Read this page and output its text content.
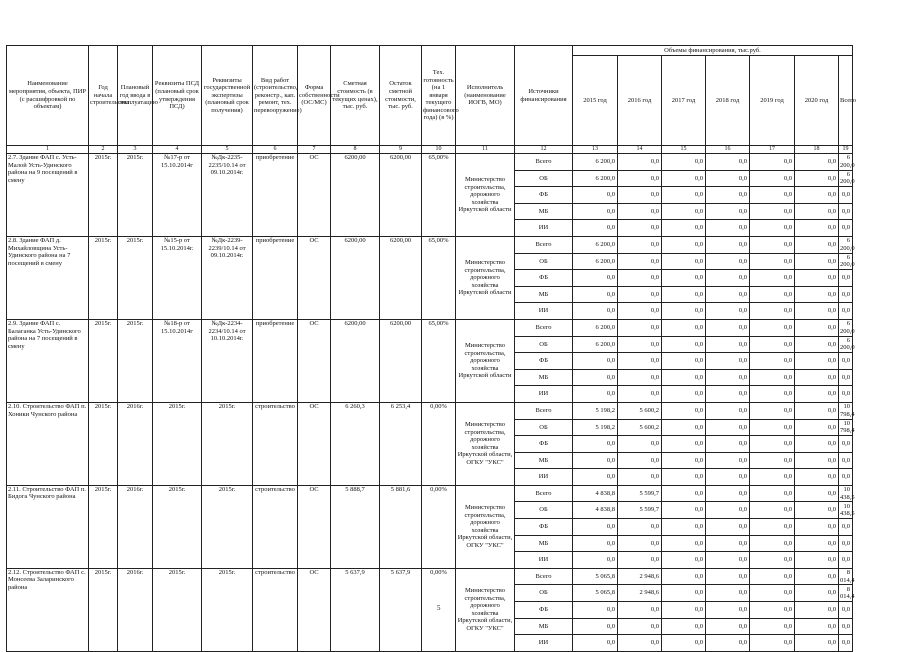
Наименование мероприятия, объекта, ПИР (с расшифровкой по объектам)	Год начала строительства	Плановый год ввода в эксплуатацию	Реквизиты ПСД (плановый срок утверждения ПСД)	Реквизиты государственной экспертизы (плановый срок получения)	Вид работ (строительство, реконстр., кап. ремонт, тех. перевооружение)	Форма собственности (ОС/МС)	Сметная стоимость (в текущих ценах), тыс. руб.	Остаток сметной стоимости, тыс. руб.	Тех. готовность (на 1 января текущего финансового года) (в %)	Исполнитель (наименование ИОГВ, МО)	Источники финансирования	Объемы финансирования, тыс.руб.						
												2015 год	2016 год	2017 год	2018 год	2019 год	2020 год	Всего
1	2	3	4	5	6	7	8	9	10	11	12	13	14	15	16	17	18	19
2.7. Здание ФАП с. Усть-Малой Усть-Удинского района на 9 посещений в смену	2015г.	2015г.	№17-р от 15.10.2014г	№Дк-2235-2235/10.14 от 09.10.2014г.	приобретение	ОС	6200,00	6200,00	65,00%	Министерство строительства, дорожного хозяйства Иркутской области	Всего	6 200,0	0,0	0,0	0,0	0,0	0,0	6 200,0
											ОБ	6 200,0	0,0	0,0	0,0	0,0	0,0	6 200,0
											ФБ	0,0	0,0	0,0	0,0	0,0	0,0	0,0
											МБ	0,0	0,0	0,0	0,0	0,0	0,0	0,0
											ИИ	0,0	0,0	0,0	0,0	0,0	0,0	0,0
2.8. Здание ФАП д. Михайловщина Усть-Удинского района на 7 посещений в смену	2015г.	2015г.	№15-р от 15.10.2014г.	№Дк-2239-2239/10.14 от 09.10.2014г.	приобретение	ОС	6200,00	6200,00	65,00%	Министерство строительства, дорожного хозяйства Иркутской области	Всего	6 200,0	0,0	0,0	0,0	0,0	0,0	6 200,0
											ОБ	6 200,0	0,0	0,0	0,0	0,0	0,0	6 200,0
											ФБ	0,0	0,0	0,0	0,0	0,0	0,0	0,0
											МБ	0,0	0,0	0,0	0,0	0,0	0,0	0,0
											ИИ	0,0	0,0	0,0	0,0	0,0	0,0	0,0
2.9. Здание ФАП с. Балаганка Усть-Удинского района на 7 посещений в смену	2015г.	2015г.	№18-р от 15.10.2014г	№Дк-2234-2234/10.14 от 10.10.2014г.	приобретение	ОС	6200,00	6200,00	65,00%	Министерство строительства, дорожного хозяйства Иркутской области	Всего	6 200,0	0,0	0,0	0,0	0,0	0,0	6 200,0
											ОБ	6 200,0	0,0	0,0	0,0	0,0	0,0	6 200,0
											ФБ	0,0	0,0	0,0	0,0	0,0	0,0	0,0
											МБ	0,0	0,0	0,0	0,0	0,0	0,0	0,0
											ИИ	0,0	0,0	0,0	0,0	0,0	0,0	0,0
2.10. Строительство ФАП п. Хоники Чунского района	2015г.	2016г.	2015г.	2015г.	строительство	ОС	6 260,3	6 253,4	0,00%	Министерство строительства, дорожного хозяйства Иркутской области, ОГКУ "УКС"	Всего	5 198,2	5 600,2	0,0	0,0	0,0	0,0	10 798,4
											ОБ	5 198,2	5 600,2	0,0	0,0	0,0	0,0	10 798,4
											ФБ	0,0	0,0	0,0	0,0	0,0	0,0	0,0
											МБ	0,0	0,0	0,0	0,0	0,0	0,0	0,0
											ИИ	0,0	0,0	0,0	0,0	0,0	0,0	0,0
2.11. Строительство ФАП п. Бидога Чунского района	2015г.	2016г.	2015г.	2015г.	строительство	ОС	5 888,7	5 881,6	0,00%	Министерство строительства, дорожного хозяйства Иркутской области, ОГКУ "УКС"	Всего	4 838,8	5 599,7	0,0	0,0	0,0	0,0	10 438,5
											ОБ	4 838,8	5 599,7	0,0	0,0	0,0	0,0	10 438,5
											ФБ	0,0	0,0	0,0	0,0	0,0	0,0	0,0
											МБ	0,0	0,0	0,0	0,0	0,0	0,0	0,0
											ИИ	0,0	0,0	0,0	0,0	0,0	0,0	0,0
2.12. Строительство ФАП с. Монсеева Заларинского района	2015г.	2016г.	2015г.	2015г.	строительство	ОС	5 637,9	5 637,9	0,00%	Министерство строительства, дорожного хозяйства Иркутской области, ОГКУ "УКС"	Всего	5 065,8	2 948,6	0,0	0,0	0,0	0,0	8 014,4
											ОБ	5 065,8	2 948,6	0,0	0,0	0,0	0,0	8 014,4
											ФБ	0,0	0,0	0,0	0,0	0,0	0,0	0,0
											МБ	0,0	0,0	0,0	0,0	0,0	0,0	0,0
											ИИ	0,0	0,0	0,0	0,0	0,0	0,0	0,0
5
